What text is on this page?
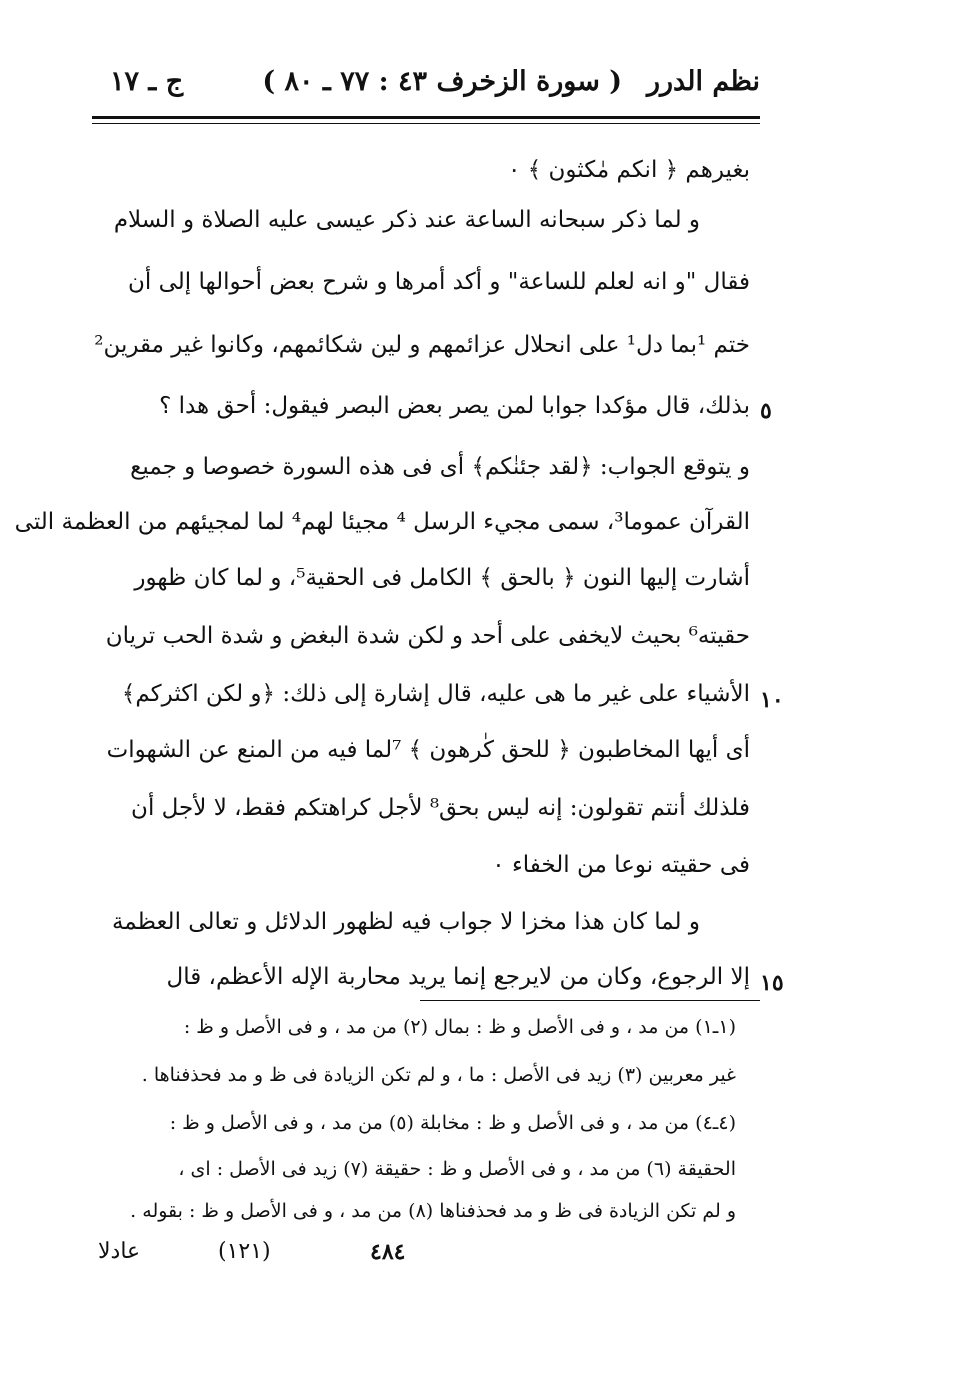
نظم الدرر
( سورة الزخرف ٤٣ : ٧٧ ـ ٨٠ )
ج ـ ١٧
بغيرهم ﴿ انكم مٰكثون ﴾ ٠
و لما ذكر سبحانه الساعة عند ذكر عيسى عليه الصلاة و السلام
فقال "و انه لعلم للساعة" و أكد أمرها و شرح بعض أحوالها إلى أن
ختم ¹بما دل¹ على انحلال عزائمهم و لين شكائمهم، وكانوا غير مقرين²
٥
بذلك، قال مؤكدا جوابا لمن يصر بعض البصر فيقول: أحق هدا ؟
و يتوقع الجواب: ﴿لقد جئنٰكم﴾ أى فى هذه السورة خصوصا و جميع
القرآن عموما³، سمى مجيء الرسل ⁴ مجيئا لهم⁴ لما لمجيئهم من العظمة التى
أشارت إليها النون ﴿ بالحق ﴾ الكامل فى الحقية⁵، و لما كان ظهور
حقيته⁶ بحيث لايخفى على أحد و لكن شدة البغض و شدة الحب تريان
١٠
الأشياء على غير ما هى عليه، قال إشارة إلى ذلك: ﴿و لكن اكثركم﴾
أى أيها المخاطبون ﴿ للحق كٰرهون ﴾ ⁷لما فيه من المنع عن الشهوات
فلذلك أنتم تقولون: إنه ليس بحق⁸ لأجل كراهتكم فقط، لا لأجل أن
فى حقيته نوعا من الخفاء ٠
و لما كان هذا مخزا لا جواب فيه لظهور الدلائل و تعالى العظمة
١٥
إلا الرجوع، وكان من لايرجع إنما يريد محاربة الإله الأعظم، قال
(١ـ١) من مد ، و فى الأصل و ظ : بمال (٢) من مد ، و فى الأصل و ظ :
غير معربين (٣) زيد فى الأصل : ما ، و لم تكن الزيادة فى ظ و مد فحذفناها .
(٤ـ٤) من مد ، و فى الأصل و ظ : مخابلة (٥) من مد ، و فى الأصل و ظ :
الحقيقة (٦) من مد ، و فى الأصل و ظ : حقيقة (٧) زيد فى الأصل : اى ،
و لم تكن الزيادة فى ظ و مد فحذفناها (٨) من مد ، و فى الأصل و ظ : بقوله .
عادلا	(١٢١)	٤٨٤
